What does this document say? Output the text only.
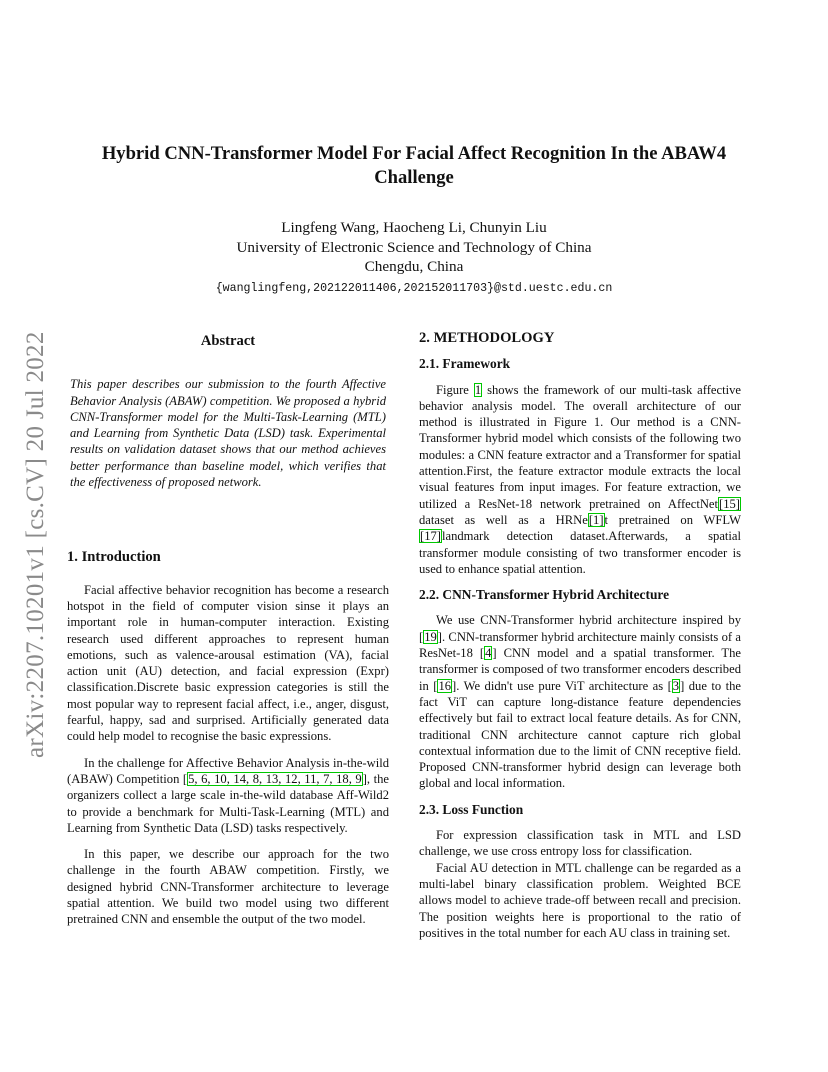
Hybrid CNN-Transformer Model For Facial Affect Recognition In the ABAW4
Challenge
Lingfeng Wang, Haocheng Li, Chunyin Liu
University of Electronic Science and Technology of China
Chengdu, China
{wanglingfeng,202122011406,202152011703}@std.uestc.edu.cn
arXiv:2207.10201v1 [cs.CV] 20 Jul 2022	Abstract

This paper describes our submission to the fourth Affective Behavior Analysis (ABAW) competition. We proposed a hybrid CNN-Transformer model for the Multi-Task-Learning (MTL) and Learning from Synthetic Data (LSD) task. Experimental results on validation dataset shows that our method achieves better performance than baseline model, which verifies that the effectiveness of proposed network.

1. Introduction

Facial affective behavior recognition has become a research hotspot in the field of computer vision sinse it plays an important role in human-computer interaction. Existing research used different approaches to represent human emotions, such as valence-arousal estimation (VA), facial action unit (AU) detection, and facial expression (Expr) classification.Discrete basic expression categories is still the most popular way to represent facial affect, i.e., anger, disgust, fearful, happy, sad and surprised. Artificially generated data could help model to recognise the basic expressions.

In the challenge for Affective Behavior Analysis in-the-wild (ABAW) Competition [5, 6, 10, 14, 8, 13, 12, 11, 7, 18, 9], the organizers collect a large scale in-the-wild database Aff-Wild2 to provide a benchmark for Multi-Task-Learning (MTL) and Learning from Synthetic Data (LSD) tasks respectively.

In this paper, we describe our approach for the two challenge in the fourth ABAW competition. Firstly, we designed hybrid CNN-Transformer architecture to leverage spatial attention. We build two model using two different pretrained CNN and ensemble the output of the two model.

2. METHODOLOGY
2.1. Framework

Figure 1 shows the framework of our multi-task affective behavior analysis model. The overall architecture of our method is illustrated in Figure 1. Our method is a CNN-Transformer hybrid model which consists of the following two modules: a CNN feature extractor and a Transformer for spatial attention.First, the feature extractor module extracts the local visual features from input images. For feature extraction, we utilized a ResNet-18 network pretrained on AffectNet[15] dataset as well as a HRNe[1]t pretrained on WFLW [17]landmark detection dataset.Afterwards, a spatial transformer module consisting of two transformer encoder is used to enhance spatial attention.

2.2. CNN-Transformer Hybrid Architecture

We use CNN-Transformer hybrid architecture inspired by [19]. CNN-transformer hybrid architecture mainly consists of a ResNet-18 [4] CNN model and a spatial transformer. The transformer is composed of two transformer encoders described in [16]. We didn't use pure ViT architecture as [3] due to the fact ViT can capture long-distance feature dependencies effectively but fail to extract local feature details. As for CNN, traditional CNN architecture cannot capture rich global contextual information due to the limit of CNN receptive field. Proposed CNN-transformer hybrid design can leverage both global and local information.

2.3. Loss Function

For expression classification task in MTL and LSD challenge, we use cross entropy loss for classification.

Facial AU detection in MTL challenge can be regarded as a multi-label binary classification problem. Weighted BCE allows model to achieve trade-off between recall and precision. The position weights here is proportional to the ratio of positives in the total number for each AU class in training set.
